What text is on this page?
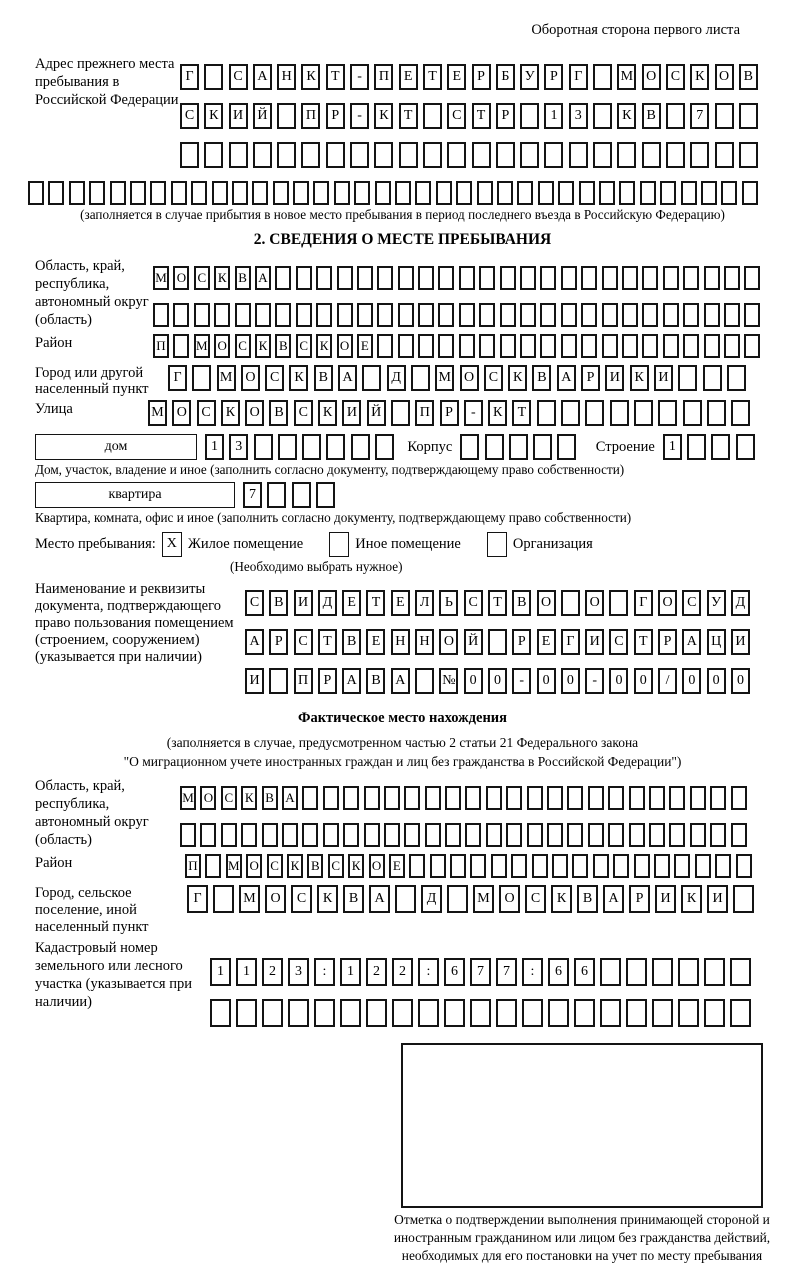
Оборотная сторона первого листа
Адрес прежнего места пребывания в Российской Федерации
Г	С А Н К Т - П Е Т Е Р Б У Р Г	М О С К О В С К И Й	П Р - К Т	С Т Р	1 3	К В	7
(заполняется в случае прибытия в новое место пребывания в период последнего въезда в Российскую Федерацию)
2. СВЕДЕНИЯ О МЕСТЕ ПРЕБЫВАНИЯ
Область, край, республика, автономный округ (область)
М О С К В А
Район	П М О С К В С К О Е
Город или другой населенный пункт
Г	М О С К В А	Д	М О С К В А Р И К И
Улица	М О С К О В С К И Й	П Р - К Т
дом	1 3	Корпус	Строение	1
Дом, участок, владение и иное (заполнить согласно документу, подтверждающему право собственности)
квартира	7
Квартира, комната, офис и иное (заполнить согласно документу, подтверждающему право собственности)
Место пребывания: X Жилое помещение	Иное помещение	Организация
(Необходимо выбрать нужное)
Наименование и реквизиты документа, подтверждающего право пользования помещением (строением, сооружением) (указывается при наличии)
С В И Д Е Т Е Л Ь С Т В О	О	Г О С У Д А Р С Т В Е Н Н О Й	Р Е Г И С Т Р А Ц И И	П Р А В А	№ 0 0 - 0 0 - 0 0 / 0 0 0
Фактическое место нахождения
(заполняется в случае, предусмотренном частью 2 статьи 21 Федерального закона
"О миграционном учете иностранных граждан и лиц без гражданства в Российской Федерации")
Область, край, республика, автономный округ (область)
М О С К В А
Район	П М О С К В С К О Е
Город, сельское поселение, иной населенный пункт
Г	М О С К В А	Д	М О С К В А Р И К И
Кадастровый номер земельного или лесного участка (указывается при наличии)
1 1 2 3 : 1 2 2 : 6 7 7 : 6 6
Отметка о подтверждении выполнения принимающей стороной и иностранным гражданином или лицом без гражданства действий, необходимых для его постановки на учет по месту пребывания
